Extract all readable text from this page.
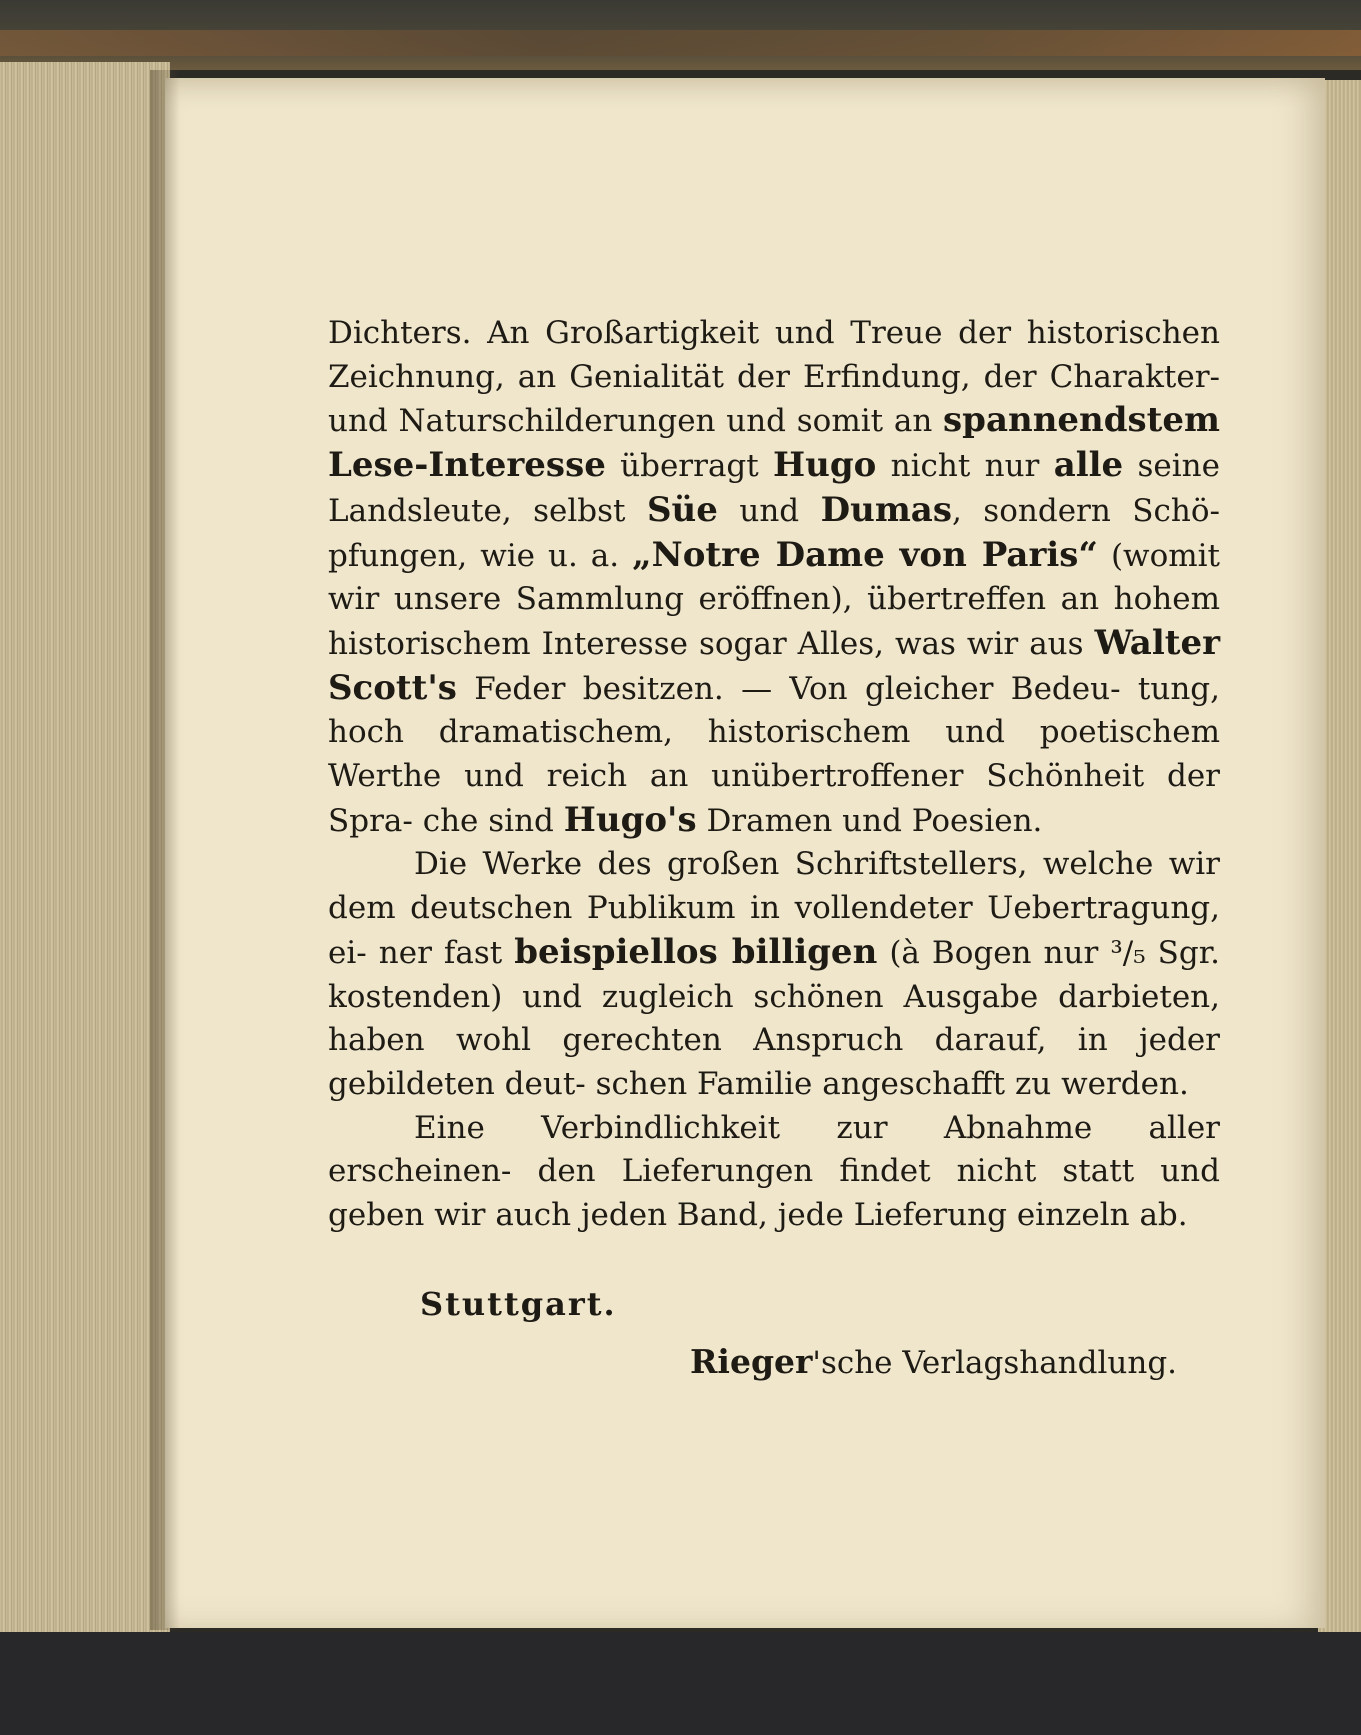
Dichters. An Großartigkeit und Treue der historischen Zeichnung, an Genialität der Erfindung, der Charakter- und Naturschilderungen und somit an spannendstem Lese-Interesse überragt Hugo nicht nur alle seine Landsleute, selbst Süe und Dumas, sondern Schö- pfungen, wie u. a. „Notre Dame von Paris“ (womit wir unsere Sammlung eröffnen), übertreffen an hohem historischem Interesse sogar Alles, was wir aus Walter Scott's Feder besitzen. — Von gleicher Bedeu- tung, hoch dramatischem, historischem und poetischem Werthe und reich an unübertroffener Schönheit der Spra- che sind Hugo's Dramen und Poesien.

Die Werke des großen Schriftstellers, welche wir dem deutschen Publikum in vollendeter Uebertragung, ei- ner fast beispiellos billigen (à Bogen nur ³/₅ Sgr. kostenden) und zugleich schönen Ausgabe darbieten, haben wohl gerechten Anspruch darauf, in jeder gebildeten deut- schen Familie angeschafft zu werden.

Eine Verbindlichkeit zur Abnahme aller erscheinen- den Lieferungen findet nicht statt und geben wir auch jeden Band, jede Lieferung einzeln ab.

Stuttgart.
Rieger'sche Verlagshandlung.
